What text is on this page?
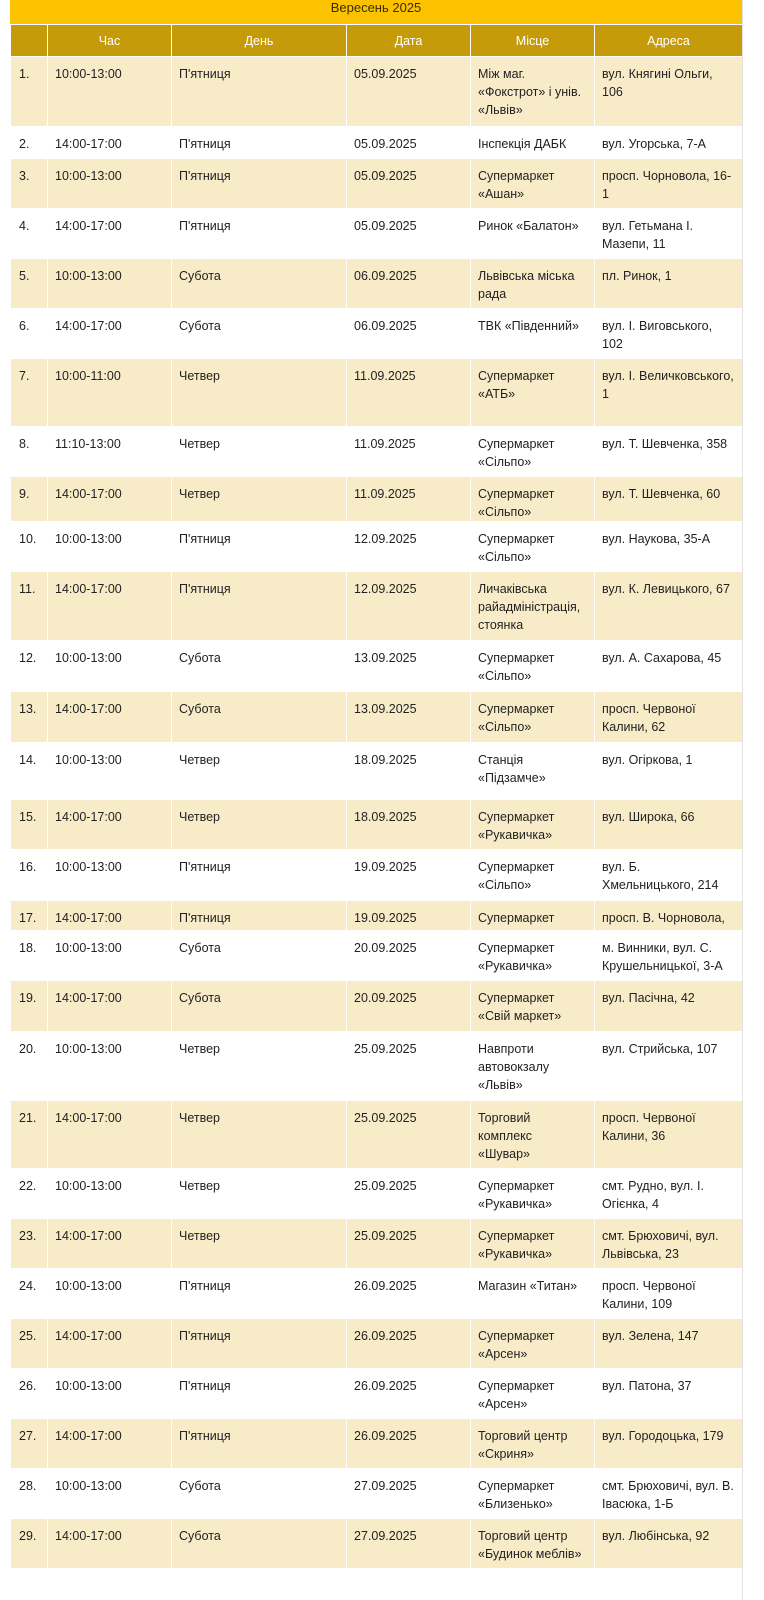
Вересень 2025
	Час	День	Дата	Місце	Адреса
1.	10:00-13:00	П'ятниця	05.09.2025	Між маг. «Фокстрот» і унів. «Львів»	вул. Княгині Ольги, 106
2.	14:00-17:00	П'ятниця	05.09.2025	Інспекція ДАБК	вул. Угорська, 7-А
3.	10:00-13:00	П'ятниця	05.09.2025	Супермаркет «Ашан»	просп. Чорновола, 16-1
4.	14:00-17:00	П'ятниця	05.09.2025	Ринок «Балатон»	вул. Гетьмана І. Мазепи, 11
5.	10:00-13:00	Субота	06.09.2025	Львівська міська рада	пл. Ринок, 1
6.	14:00-17:00	Субота	06.09.2025	ТВК «Південний»	вул. І. Виговського, 102
7.	10:00-11:00	Четвер	11.09.2025	Супермаркет «АТБ»	вул. І. Величковського, 1
8.	11:10-13:00	Четвер	11.09.2025	Супермаркет «Сільпо»	вул. Т. Шевченка, 358
9.	14:00-17:00	Четвер	11.09.2025	Супермаркет «Сільпо»	вул. Т. Шевченка, 60
10.	10:00-13:00	П'ятниця	12.09.2025	Супермаркет «Сільпо»	вул. Наукова, 35-А
11.	14:00-17:00	П'ятниця	12.09.2025	Личаківська райадміністрація, стоянка	вул. К. Левицького, 67
12.	10:00-13:00	Субота	13.09.2025	Супермаркет «Сільпо»	вул. А. Сахарова, 45
13.	14:00-17:00	Субота	13.09.2025	Супермаркет «Сільпо»	просп. Червоної Калини, 62
14.	10:00-13:00	Четвер	18.09.2025	Станція «Підзамче»	вул. Огіркова, 1
15.	14:00-17:00	Четвер	18.09.2025	Супермаркет «Рукавичка»	вул. Широка, 66
16.	10:00-13:00	П'ятниця	19.09.2025	Супермаркет «Сільпо»	вул. Б. Хмельницького, 214
17.	14:00-17:00	П'ятниця	19.09.2025	Супермаркет	просп. В. Чорновола,
18.	10:00-13:00	Субота	20.09.2025	Супермаркет «Рукавичка»	м. Винники, вул. С. Крушельницької, 3-А
19.	14:00-17:00	Субота	20.09.2025	Супермаркет «Свій маркет»	вул. Пасічна, 42
20.	10:00-13:00	Четвер	25.09.2025	Навпроти автовокзалу «Львів»	вул. Стрийська, 107
21.	14:00-17:00	Четвер	25.09.2025	Торговий комплекс «Шувар»	просп. Червоної Калини, 36
22.	10:00-13:00	Четвер	25.09.2025	Супермаркет «Рукавичка»	смт. Рудно, вул. І. Огієнка, 4
23.	14:00-17:00	Четвер	25.09.2025	Супермаркет «Рукавичка»	смт. Брюховичі, вул. Львівська, 23
24.	10:00-13:00	П'ятниця	26.09.2025	Магазин «Титан»	просп. Червоної Калини, 109
25.	14:00-17:00	П'ятниця	26.09.2025	Супермаркет «Арсен»	вул. Зелена, 147
26.	10:00-13:00	П'ятниця	26.09.2025	Супермаркет «Арсен»	вул. Патона, 37
27.	14:00-17:00	П'ятниця	26.09.2025	Торговий центр «Скриня»	вул. Городоцька, 179
28.	10:00-13:00	Субота	27.09.2025	Супермаркет «Близенько»	смт. Брюховичі, вул. В. Івасюка, 1-Б
29.	14:00-17:00	Субота	27.09.2025	Торговий центр «Будинок меблів»	вул. Любінська, 92
